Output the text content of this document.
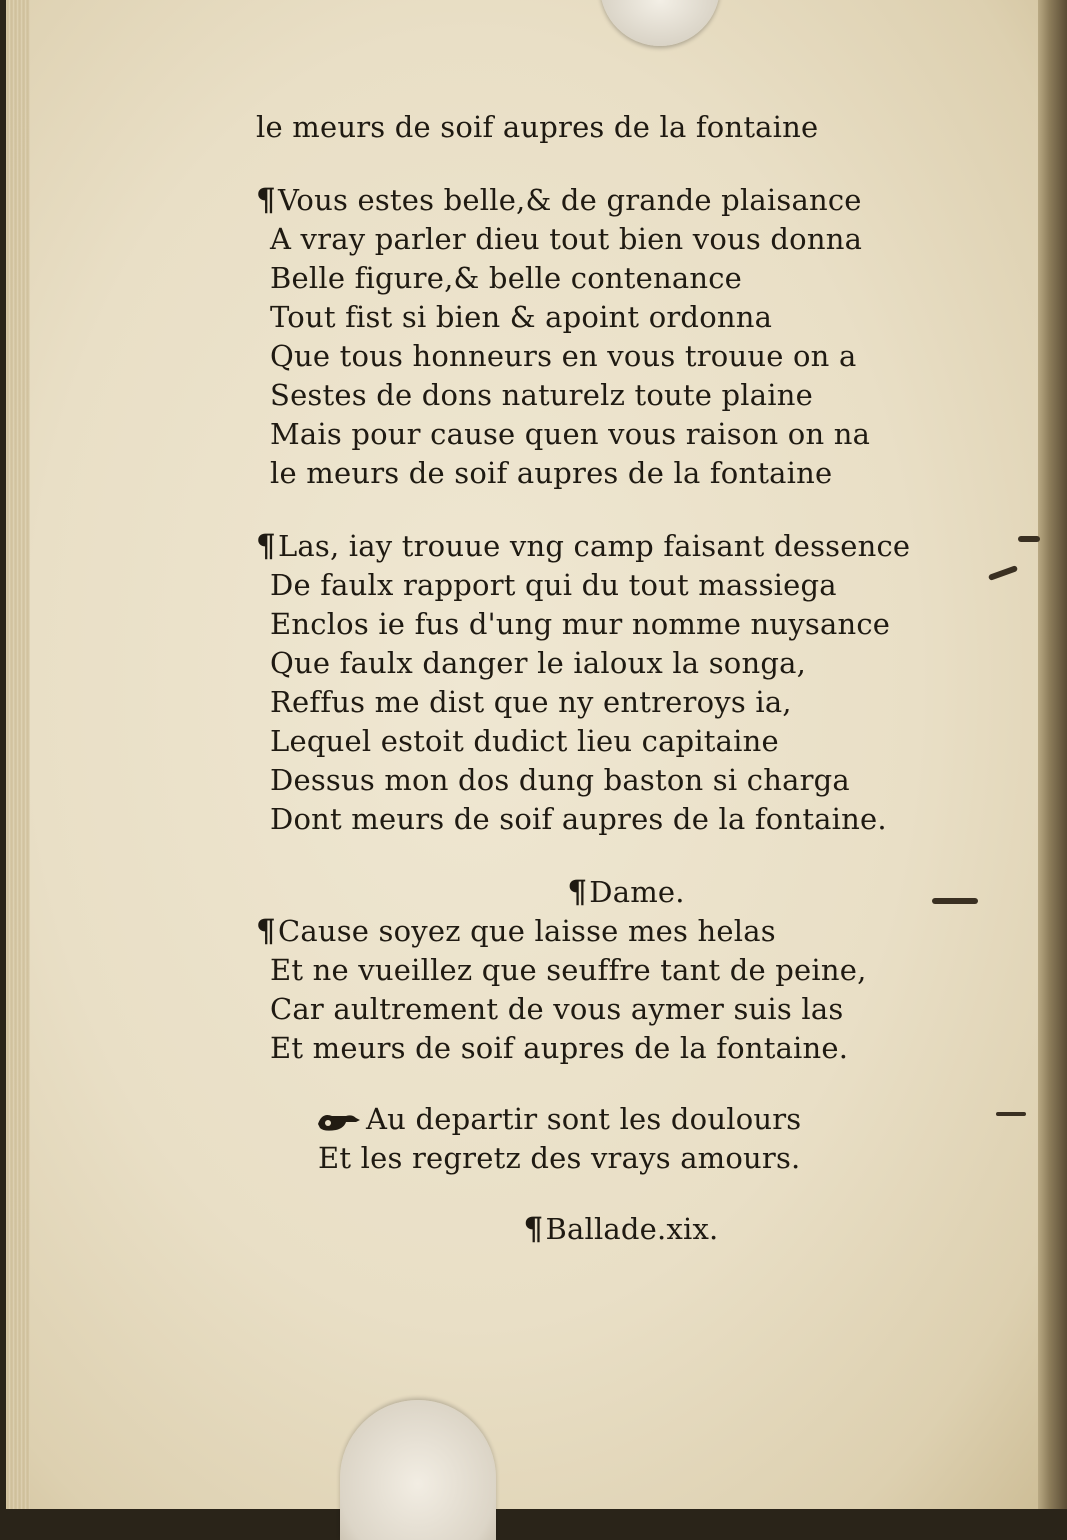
le meurs de soif aupres de la fontaine
¶Vous estes belle,& de grande plaisance
A vray parler dieu tout bien vous donna
Belle figure,& belle contenance
Tout fist si bien & apoint ordonna
Que tous honneurs en vous trouue on a
Sestes de dons naturelz toute plaine
Mais pour cause quen vous raison on na
le meurs de soif aupres de la fontaine
¶Las, iay trouue vng camp faisant dessence
De faulx rapport qui du tout massiega
Enclos ie fus d'ung mur nomme nuysance
Que faulx danger le ialoux la songa,
Reffus me dist que ny entreroys ia,
Lequel estoit dudict lieu capitaine
Dessus mon dos dung baston si charga
Dont meurs de soif aupres de la fontaine.
¶Dame.
¶Cause soyez que laisse mes helas
Et ne vueillez que seuffre tant de peine,
Car aultrement de vous aymer suis las
Et meurs de soif aupres de la fontaine.
Au departir sont les doulours
Et les regretz des vrays amours.
¶Ballade.xix.
